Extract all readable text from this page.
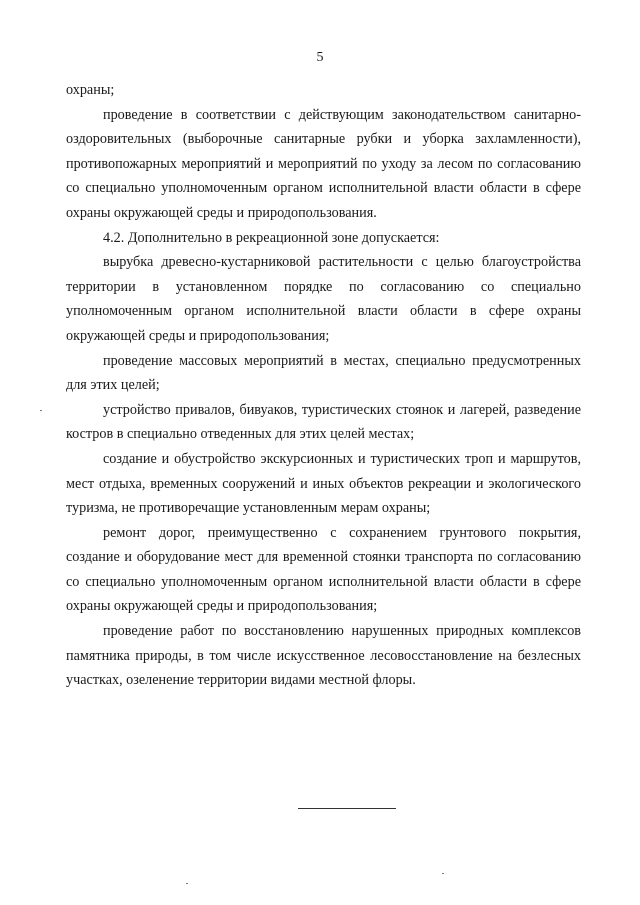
5

охраны;

проведение в соответствии с действующим законодательством санитарно-оздоровительных (выборочные санитарные рубки и уборка захламленности), противопожарных мероприятий и мероприятий по уходу за лесом по согласованию со специально уполномоченным органом исполнительной власти области в сфере охраны окружающей среды и природопользования.

4.2. Дополнительно в рекреационной зоне допускается:

вырубка древесно-кустарниковой растительности с целью благоустройства территории в установленном порядке по согласованию со специально уполномоченным органом исполнительной власти области в сфере охраны окружающей среды и природопользования;

проведение массовых мероприятий в местах, специально предусмотренных для этих целей;

устройство привалов, бивуаков, туристических стоянок и лагерей, разведение костров в специально отведенных для этих целей местах;

создание и обустройство экскурсионных и туристических троп и маршрутов, мест отдыха, временных сооружений и иных объектов рекреации и экологического туризма, не противоречащие установленным мерам охраны;

ремонт дорог, преимущественно с сохранением грунтового покрытия, создание и оборудование мест для временной стоянки транспорта по согласованию со специально уполномоченным органом исполнительной власти области в сфере охраны окружающей среды и природопользования;

проведение работ по восстановлению нарушенных природных комплексов памятника природы, в том числе искусственное лесовосстановление на безлесных участках, озеленение территории видами местной флоры.
